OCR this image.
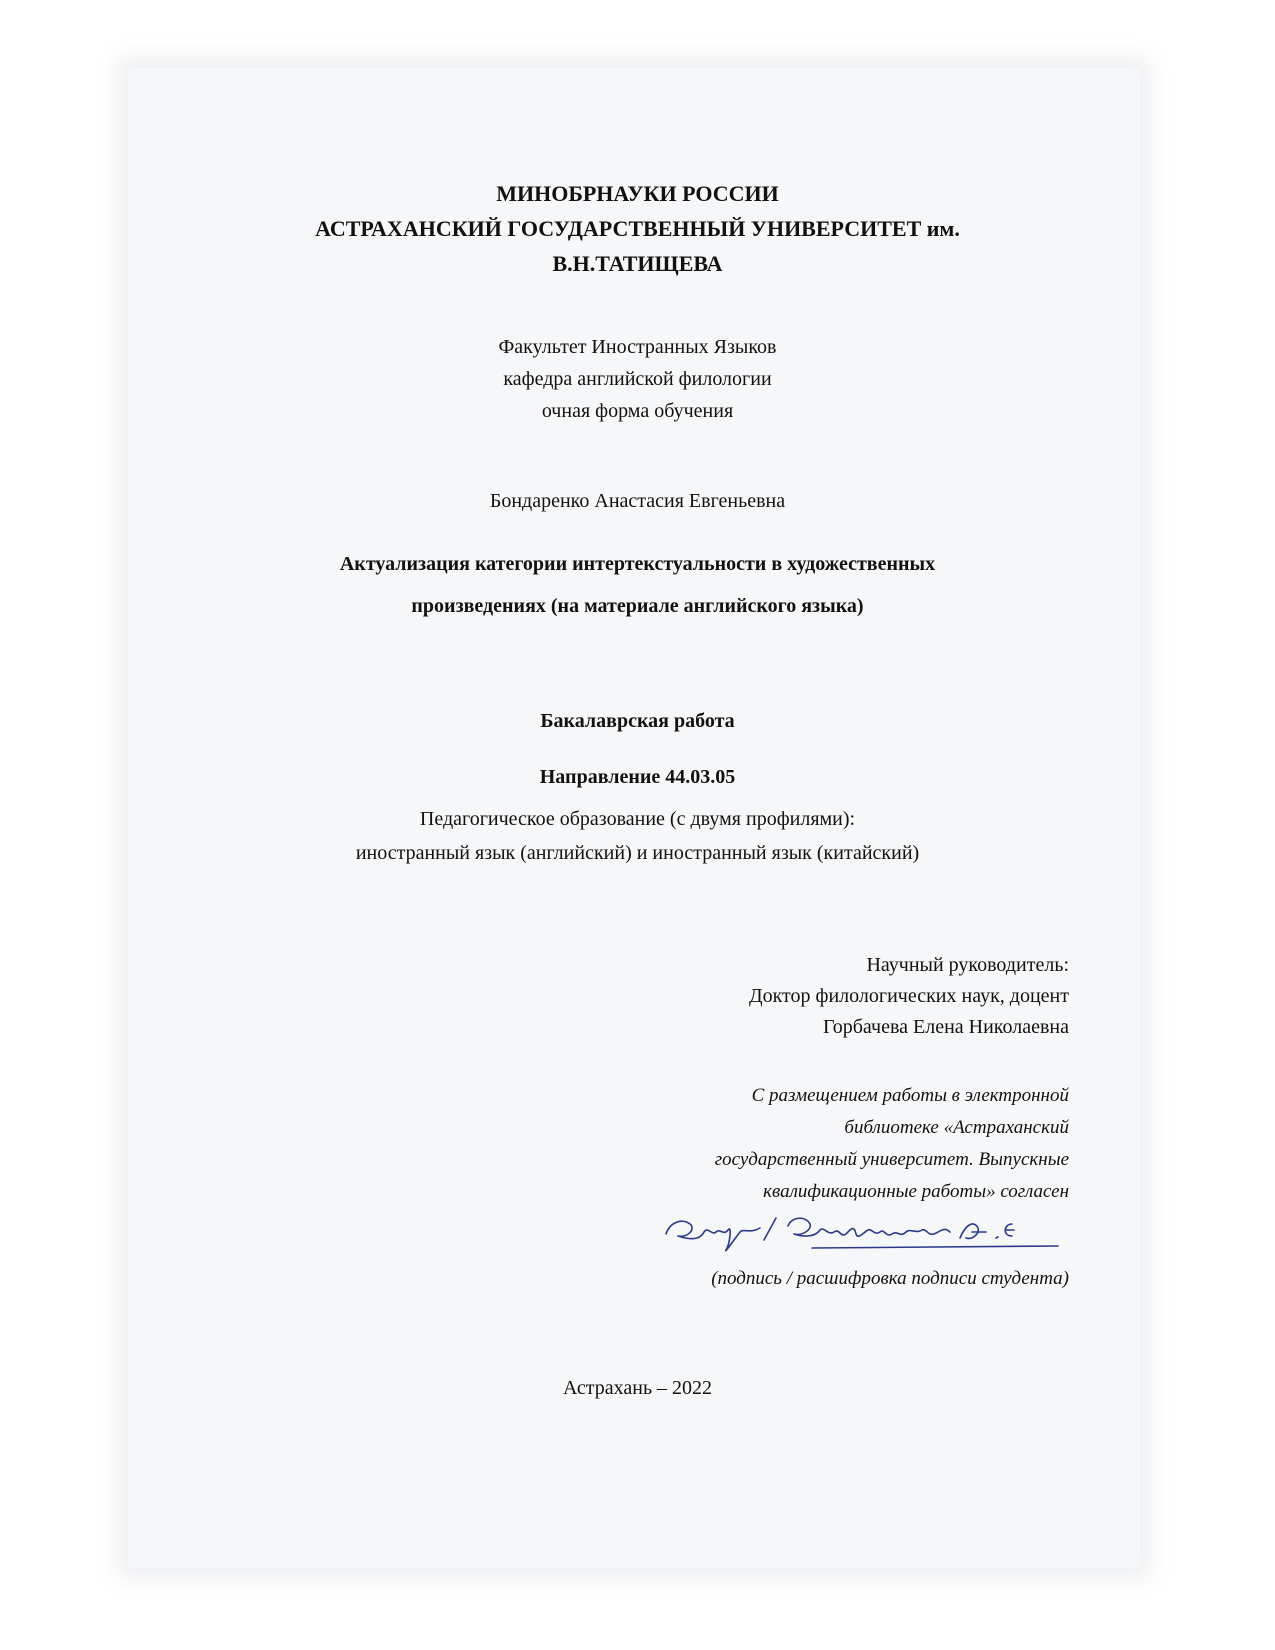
МИНОБРНАУКИ РОССИИ
АСТРАХАНСКИЙ ГОСУДАРСТВЕННЫЙ УНИВЕРСИТЕТ им.
В.Н.ТАТИЩЕВА
Факультет Иностранных Языков
кафедра английской филологии
очная форма обучения
Бондаренко Анастасия Евгеньевна
Актуализация категории интертекстуальности в художественных
произведениях (на материале английского языка)
Бакалаврская работа
Направление 44.03.05
Педагогическое образование (с двумя профилями):
иностранный язык (английский) и иностранный язык (китайский)
Научный руководитель:
Доктор филологических наук, доцент
Горбачева Елена Николаевна
С размещением работы в электронной
библиотеке «Астраханский
государственный университет. Выпускные
квалификационные работы» согласен
(подпись / расшифровка подписи студента)
Астрахань – 2022
